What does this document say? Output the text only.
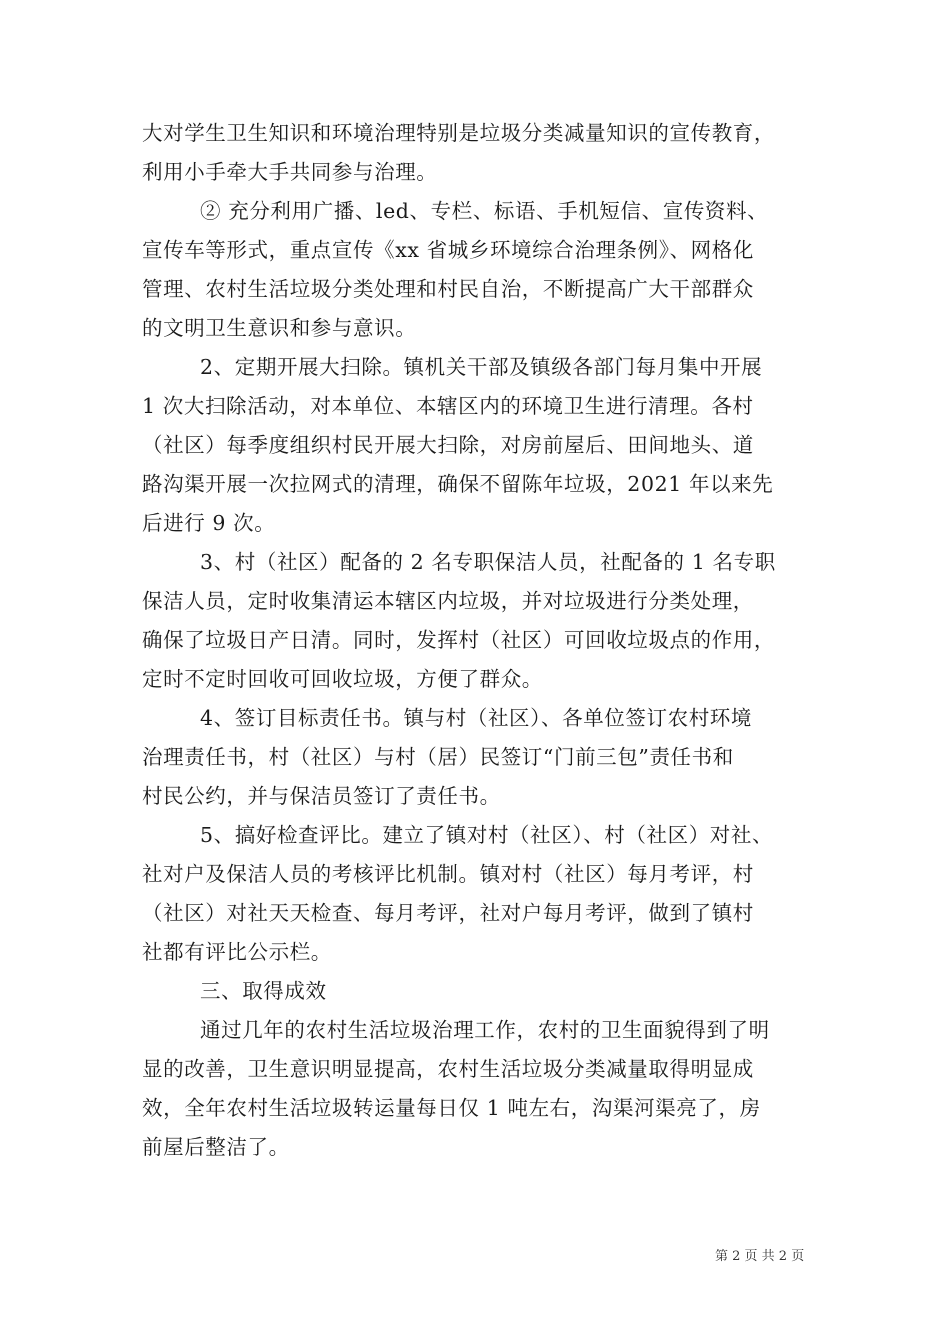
大对学生卫生知识和环境治理特别是垃圾分类减量知识的宣传教育，
利用小手牵大手共同参与治理。
② 充分利用广播、led、专栏、标语、手机短信、宣传资料、
宣传车等形式，重点宣传《xx 省城乡环境综合治理条例》、网格化
管理、农村生活垃圾分类处理和村民自治，不断提高广大干部群众
的文明卫生意识和参与意识。
2、定期开展大扫除。镇机关干部及镇级各部门每月集中开展
1 次大扫除活动，对本单位、本辖区内的环境卫生进行清理。各村
（社区）每季度组织村民开展大扫除，对房前屋后、田间地头、道
路沟渠开展一次拉网式的清理，确保不留陈年垃圾，2021 年以来先
后进行 9 次。
3、村（社区）配备的 2 名专职保洁人员，社配备的 1 名专职
保洁人员，定时收集清运本辖区内垃圾，并对垃圾进行分类处理，
确保了垃圾日产日清。同时，发挥村（社区）可回收垃圾点的作用，
定时不定时回收可回收垃圾，方便了群众。
4、签订目标责任书。镇与村（社区）、各单位签订农村环境
治理责任书，村（社区）与村（居）民签订“门前三包”责任书和
村民公约，并与保洁员签订了责任书。
5、搞好检查评比。建立了镇对村（社区）、村（社区）对社、
社对户及保洁人员的考核评比机制。镇对村（社区）每月考评，村
（社区）对社天天检查、每月考评，社对户每月考评，做到了镇村
社都有评比公示栏。
三、取得成效
通过几年的农村生活垃圾治理工作，农村的卫生面貌得到了明
显的改善，卫生意识明显提高，农村生活垃圾分类减量取得明显成
效，全年农村生活垃圾转运量每日仅 1 吨左右，沟渠河渠亮了，房
前屋后整洁了。
第 2 页 共 2 页
